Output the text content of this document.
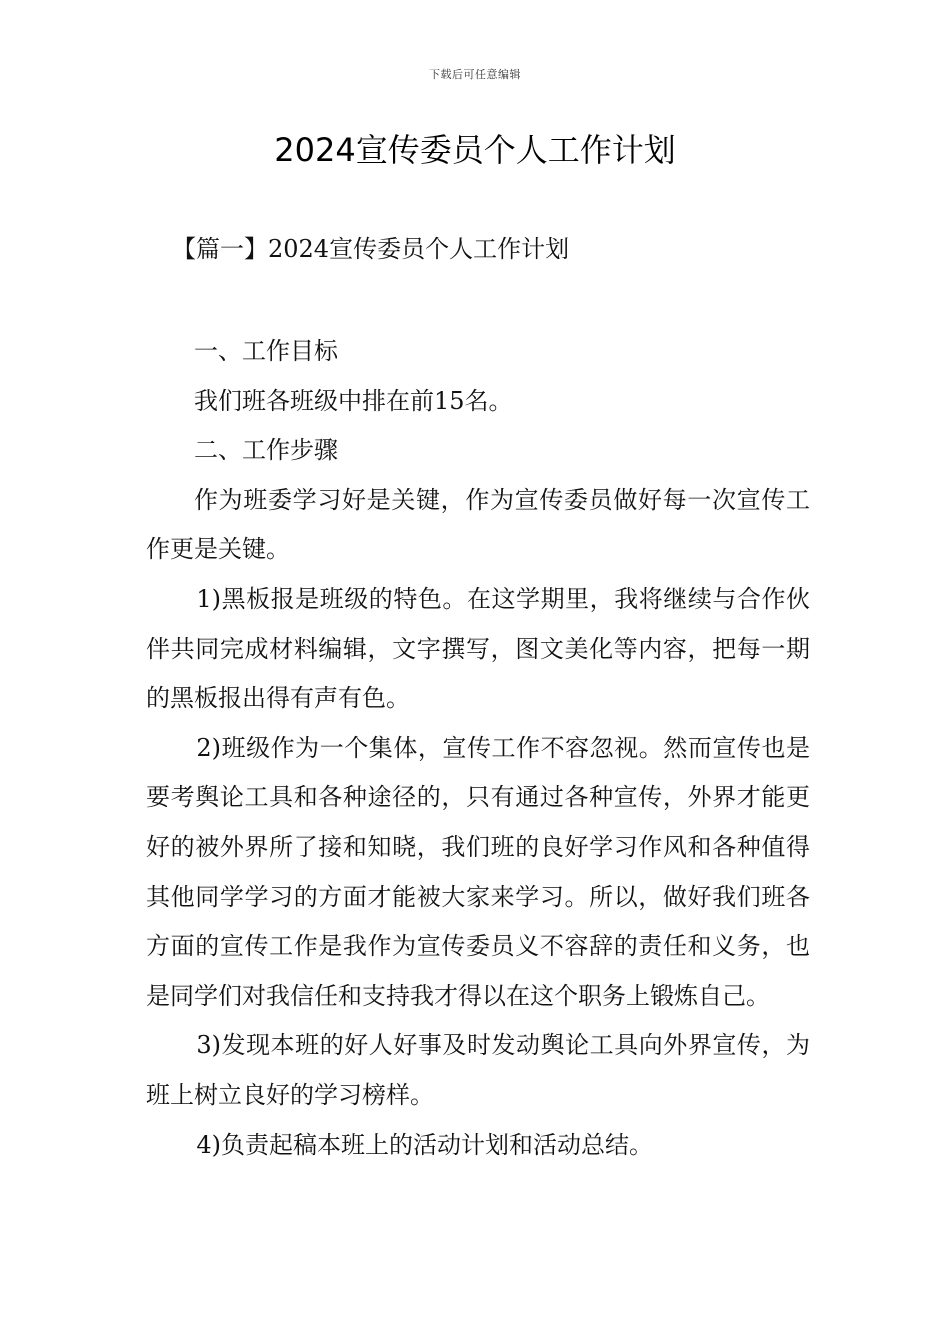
下载后可任意编辑
2024宣传委员个人工作计划
【篇一】2024宣传委员个人工作计划

一、工作目标

我们班各班级中排在前15名。

二、工作步骤

作为班委学习好是关键，作为宣传委员做好每一次宣传工作更是关键。

1)黑板报是班级的特色。在这学期里，我将继续与合作伙伴共同完成材料编辑，文字撰写，图文美化等内容，把每一期的黑板报出得有声有色。

2)班级作为一个集体，宣传工作不容忽视。然而宣传也是要考舆论工具和各种途径的，只有通过各种宣传，外界才能更好的被外界所了接和知晓，我们班的良好学习作风和各种值得其他同学学习的方面才能被大家来学习。所以，做好我们班各方面的宣传工作是我作为宣传委员义不容辞的责任和义务，也是同学们对我信任和支持我才得以在这个职务上锻炼自己。

3)发现本班的好人好事及时发动舆论工具向外界宣传，为班上树立良好的学习榜样。

4)负责起稿本班上的活动计划和活动总结。
